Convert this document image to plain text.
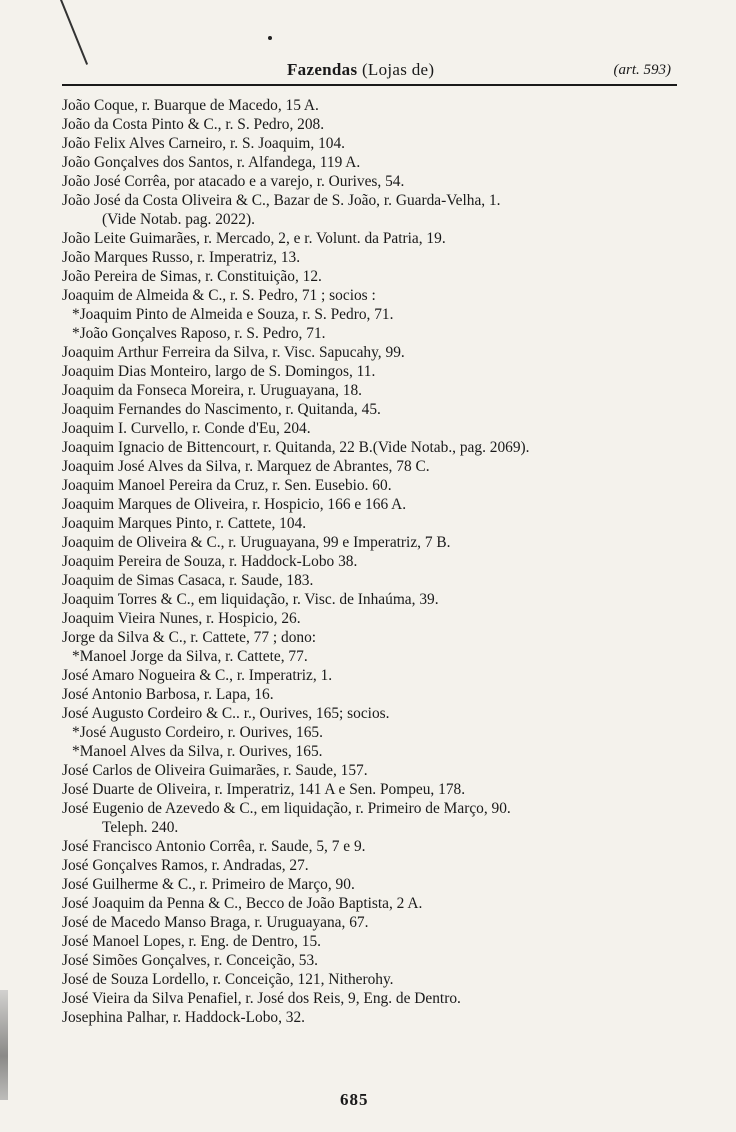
Fazendas (Lojas de)	(art. 593)
João Coque, r. Buarque de Macedo, 15 A.
João da Costa Pinto & C., r. S. Pedro, 208.
João Felix Alves Carneiro, r. S. Joaquim, 104.
João Gonçalves dos Santos, r. Alfandega, 119 A.
João José Corrêa, por atacado e a varejo, r. Ourives, 54.
João José da Costa Oliveira & C., Bazar de S. João, r. Guarda-Velha, 1.
(Vide Notab. pag. 2022).
João Leite Guimarães, r. Mercado, 2, e r. Volunt. da Patria, 19.
João Marques Russo, r. Imperatriz, 13.
João Pereira de Simas, r. Constituição, 12.
Joaquim de Almeida & C., r. S. Pedro, 71 ; socios :
*Joaquim Pinto de Almeida e Souza, r. S. Pedro, 71.
*João Gonçalves Raposo, r. S. Pedro, 71.
Joaquim Arthur Ferreira da Silva, r. Visc. Sapucahy, 99.
Joaquim Dias Monteiro, largo de S. Domingos, 11.
Joaquim da Fonseca Moreira, r. Uruguayana, 18.
Joaquim Fernandes do Nascimento, r. Quitanda, 45.
Joaquim I. Curvello, r. Conde d'Eu, 204.
Joaquim Ignacio de Bittencourt, r. Quitanda, 22 B.(Vide Notab., pag. 2069).
Joaquim José Alves da Silva, r. Marquez de Abrantes, 78 C.
Joaquim Manoel Pereira da Cruz, r. Sen. Eusebio. 60.
Joaquim Marques de Oliveira, r. Hospicio, 166 e 166 A.
Joaquim Marques Pinto, r. Cattete, 104.
Joaquim de Oliveira & C., r. Uruguayana, 99 e Imperatriz, 7 B.
Joaquim Pereira de Souza, r. Haddock-Lobo 38.
Joaquim de Simas Casaca, r. Saude, 183.
Joaquim Torres & C., em liquidação, r. Visc. de Inhaúma, 39.
Joaquim Vieira Nunes, r. Hospicio, 26.
Jorge da Silva & C., r. Cattete, 77 ; dono:
*Manoel Jorge da Silva, r. Cattete, 77.
José Amaro Nogueira & C., r. Imperatriz, 1.
José Antonio Barbosa, r. Lapa, 16.
José Augusto Cordeiro & C.. r., Ourives, 165; socios.
*José Augusto Cordeiro, r. Ourives, 165.
*Manoel Alves da Silva, r. Ourives, 165.
José Carlos de Oliveira Guimarães, r. Saude, 157.
José Duarte de Oliveira, r. Imperatriz, 141 A e Sen. Pompeu, 178.
José Eugenio de Azevedo & C., em liquidação, r. Primeiro de Março, 90.
Teleph. 240.
José Francisco Antonio Corrêa, r. Saude, 5, 7 e 9.
José Gonçalves Ramos, r. Andradas, 27.
José Guilherme & C., r. Primeiro de Março, 90.
José Joaquim da Penna & C., Becco de João Baptista, 2 A.
José de Macedo Manso Braga, r. Uruguayana, 67.
José Manoel Lopes, r. Eng. de Dentro, 15.
José Simões Gonçalves, r. Conceição, 53.
José de Souza Lordello, r. Conceição, 121, Nitherohy.
José Vieira da Silva Penafiel, r. José dos Reis, 9, Eng. de Dentro.
Josephina Palhar, r. Haddock-Lobo, 32.
685
